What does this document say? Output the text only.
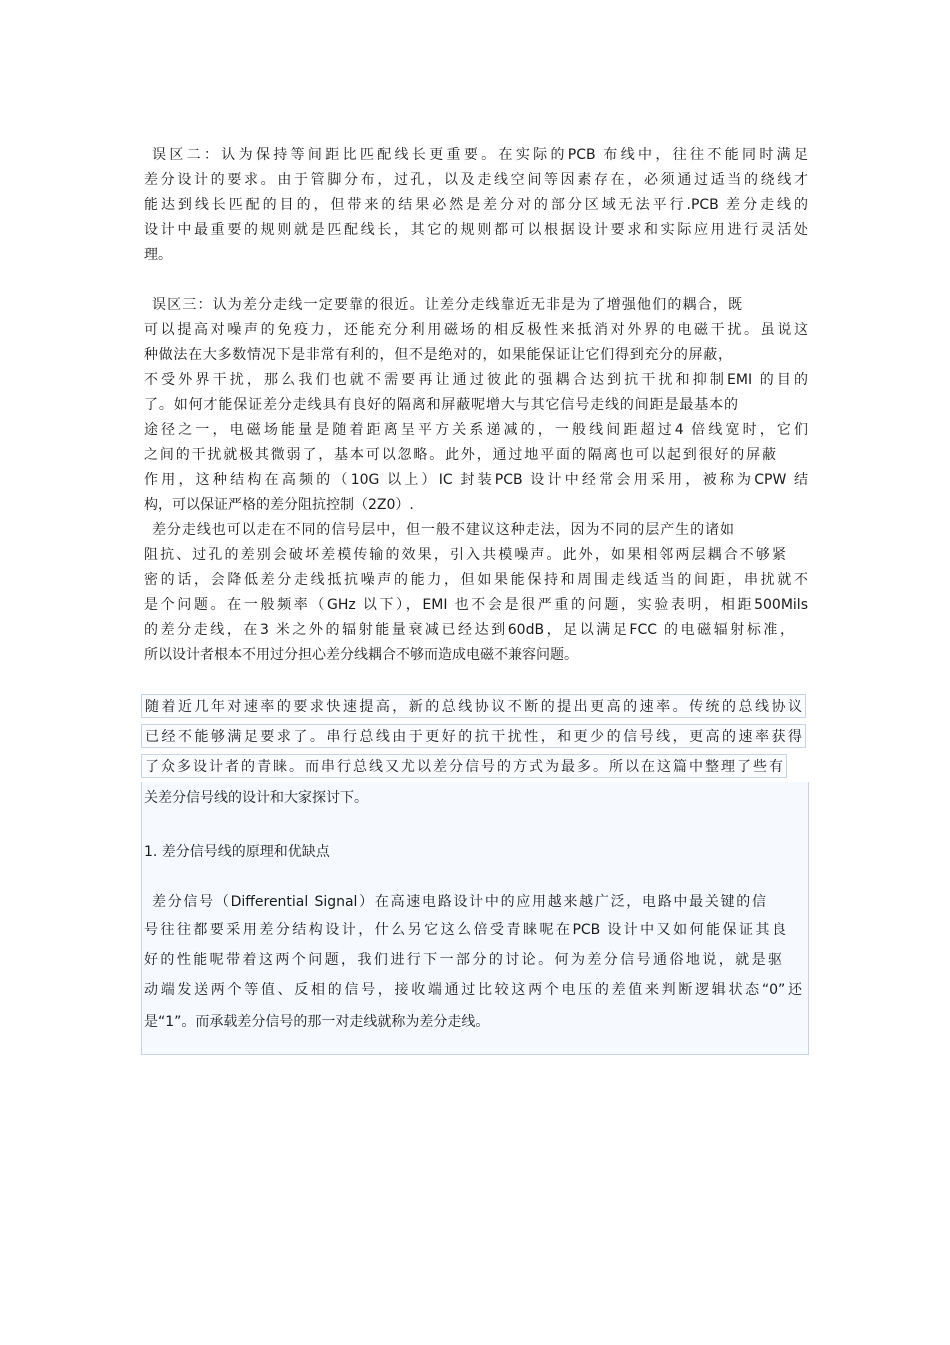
误区二：认为保持等间距比匹配线长更重要。在实际的PCB 布线中，往往不能同时满足
差分设计的要求。由于管脚分布，过孔，以及走线空间等因素存在，必须通过适当的绕线才
能达到线长匹配的目的，但带来的结果必然是差分对的部分区域无法平行.PCB 差分走线的
设计中最重要的规则就是匹配线长，其它的规则都可以根据设计要求和实际应用进行灵活处
理。
误区三：认为差分走线一定要靠的很近。让差分走线靠近无非是为了增强他们的耦合，既
可以提高对噪声的免疫力，还能充分利用磁场的相反极性来抵消对外界的电磁干扰。虽说这
种做法在大多数情况下是非常有利的，但不是绝对的，如果能保证让它们得到充分的屏蔽，
不受外界干扰，那么我们也就不需要再让通过彼此的强耦合达到抗干扰和抑制EMI 的目的
了。如何才能保证差分走线具有良好的隔离和屏蔽呢增大与其它信号走线的间距是最基本的
途径之一，电磁场能量是随着距离呈平方关系递减的，一般线间距超过4 倍线宽时，它们
之间的干扰就极其微弱了，基本可以忽略。此外，通过地平面的隔离也可以起到很好的屏蔽
作用，这种结构在高频的（10G 以上）IC 封装PCB 设计中经常会用采用，被称为CPW 结
构，可以保证严格的差分阻抗控制（2Z0）.
差分走线也可以走在不同的信号层中，但一般不建议这种走法，因为不同的层产生的诸如
阻抗、过孔的差别会破坏差模传输的效果，引入共模噪声。此外，如果相邻两层耦合不够紧
密的话，会降低差分走线抵抗噪声的能力，但如果能保持和周围走线适当的间距，串扰就不
是个问题。在一般频率（GHz 以下），EMI 也不会是很严重的问题，实验表明，相距500Mils
的差分走线，在3 米之外的辐射能量衰减已经达到60dB，足以满足FCC 的电磁辐射标准，
所以设计者根本不用过分担心差分线耦合不够而造成电磁不兼容问题。
随着近几年对速率的要求快速提高，新的总线协议不断的提出更高的速率。传统的总线协议
已经不能够满足要求了。串行总线由于更好的抗干扰性，和更少的信号线，更高的速率获得
了众多设计者的青睐。而串行总线又尤以差分信号的方式为最多。所以在这篇中整理了些有
关差分信号线的设计和大家探讨下。
1. 差分信号线的原理和优缺点
差分信号（Differential Signal）在高速电路设计中的应用越来越广泛，电路中最关键的信
号往往都要采用差分结构设计，什么另它这么倍受青睐呢在PCB 设计中又如何能保证其良
好的性能呢带着这两个问题，我们进行下一部分的讨论。何为差分信号通俗地说，就是驱
动端发送两个等值、反相的信号，接收端通过比较这两个电压的差值来判断逻辑状态“0”还
是“1”。而承载差分信号的那一对走线就称为差分走线。
